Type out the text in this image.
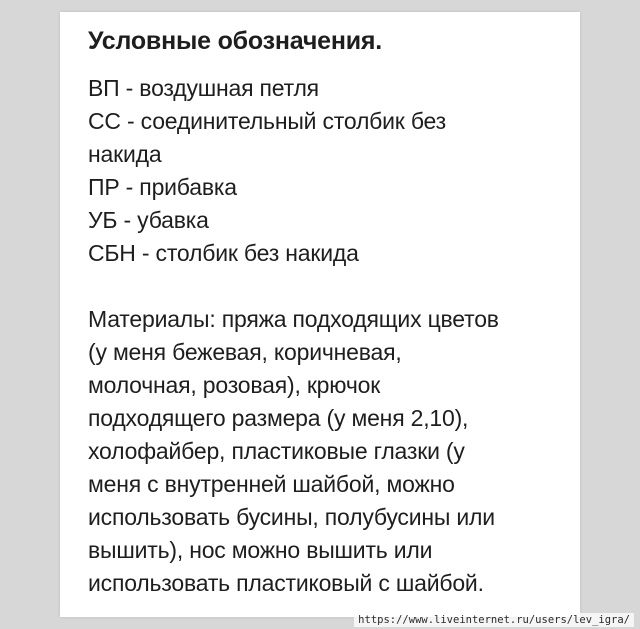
Условные обозначения.
ВП - воздушная петля
СС - соединительный столбик без
накида
ПР - прибавка
УБ - убавка
СБН - столбик без накида
Материалы: пряжа подходящих цветов
(у меня бежевая, коричневая,
молочная, розовая), крючок
подходящего размера (у меня 2,10),
холофайбер, пластиковые глазки (у
меня с внутренней шайбой, можно
использовать бусины, полубусины или
вышить), нос можно вышить или
использовать пластиковый с шайбой.
https://www.liveinternet.ru/users/lev_igra/
